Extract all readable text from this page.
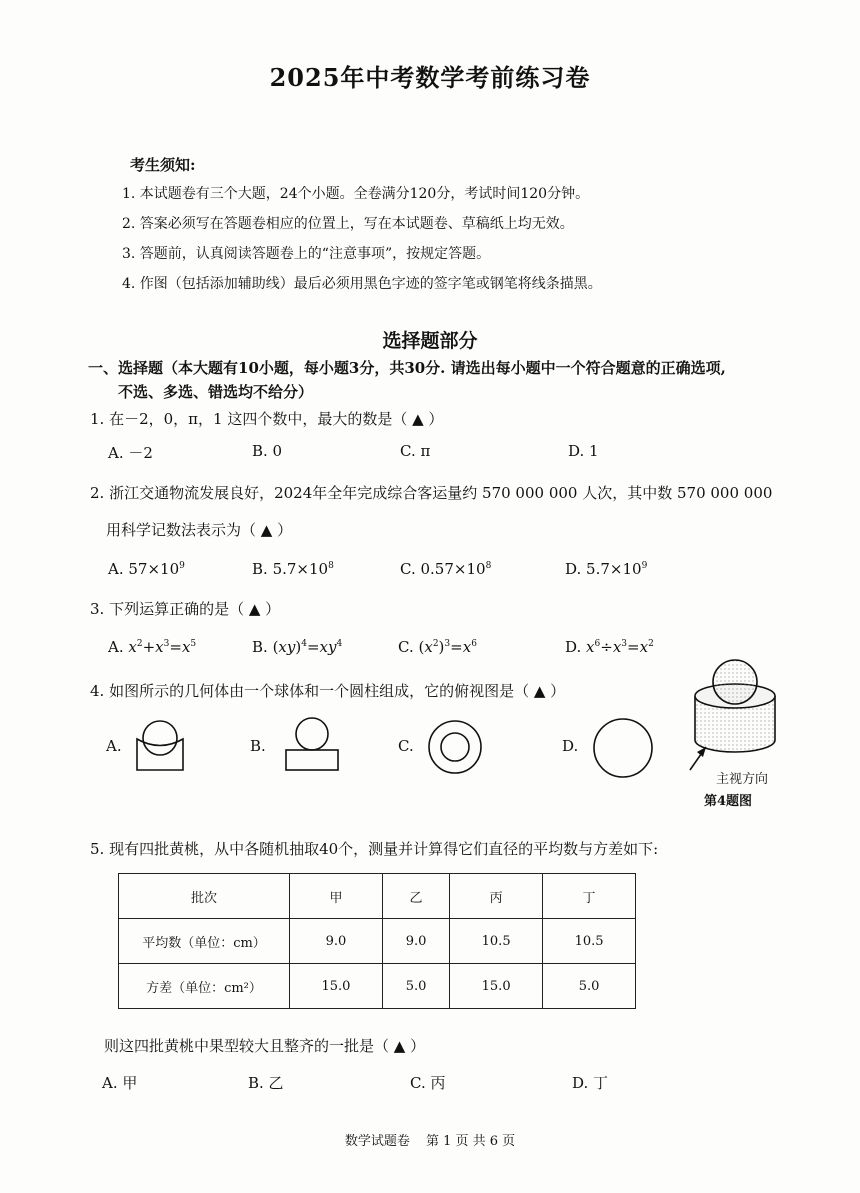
2025年中考数学考前练习卷
考生须知:
1. 本试题卷有三个大题，24个小题。全卷满分120分，考试时间120分钟。
2. 答案必须写在答题卷相应的位置上，写在本试题卷、草稿纸上均无效。
3. 答题前，认真阅读答题卷上的“注意事项”，按规定答题。
4. 作图（包括添加辅助线）最后必须用黑色字迹的签字笔或钢笔将线条描黑。
选择题部分
一、选择题（本大题有10小题，每小题3分，共30分. 请选出每小题中一个符合题意的正确选项,
不选、多选、错选均不给分）
1. 在－2，0，π，1 这四个数中，最大的数是（ ▲ ）
A. －2	B. 0	C. π	D. 1
2. 浙江交通物流发展良好，2024年全年完成综合客运量约 570 000 000 人次，其中数 570 000 000
用科学记数法表示为（ ▲ ）
A. $57\times 10^9$	B. $5.7\times 10^8$	C. $0.57\times 10^8$	D. $5.7\times 10^9$
3. 下列运算正确的是（ ▲ ）
A. $x^2+x^3=x^5$	B. $(xy)^4=xy^4$	C. $(x^2)^3=x^6$	D. $x^6\div x^3=x^2$
4. 如图所示的几何体由一个球体和一个圆柱组成，它的俯视图是（ ▲ ）
A.	B.	C.	D.
主视方向
第4题图
5. 现有四批黄桃，从中各随机抽取40个，测量并计算得它们直径的平均数与方差如下:
批次	甲	乙	丙	丁
平均数（单位：cm）	9.0	9.0	10.5	10.5
方差（单位：cm²）	15.0	5.0	15.0	5.0
则这四批黄桃中果型较大且整齐的一批是（ ▲ ）
A. 甲	B. 乙	C. 丙	D. 丁
数学试题卷 第 1 页 共 6 页
